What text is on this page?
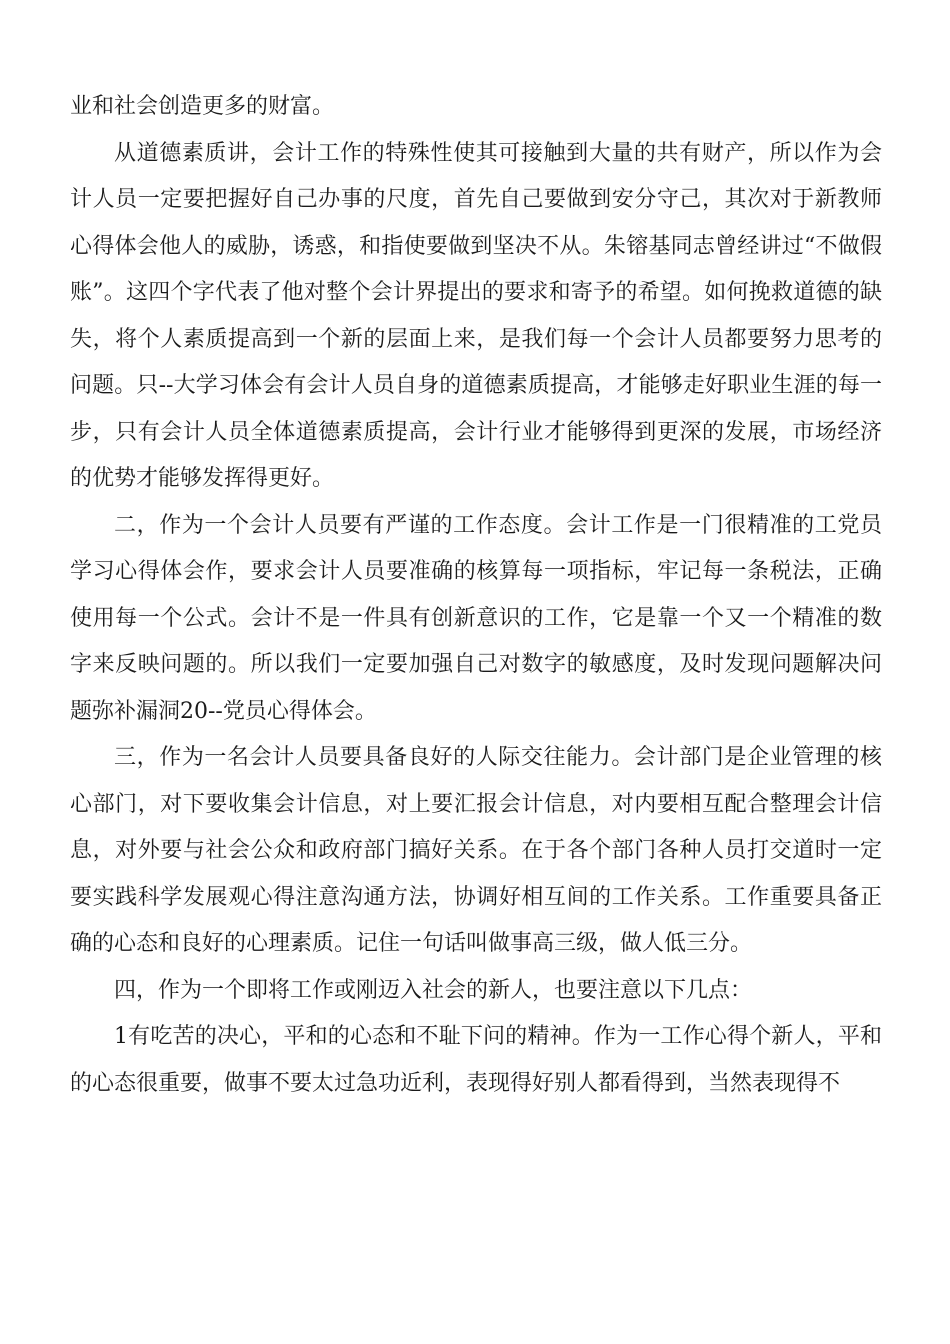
业和社会创造更多的财富。

从道德素质讲，会计工作的特殊性使其可接触到大量的共有财产，所以作为会计人员一定要把握好自己办事的尺度，首先自己要做到安分守己，其次对于新教师心得体会他人的威胁，诱惑，和指使要做到坚决不从。朱镕基同志曾经讲过“不做假账”。这四个字代表了他对整个会计界提出的要求和寄予的希望。如何挽救道德的缺失，将个人素质提高到一个新的层面上来，是我们每一个会计人员都要努力思考的问题。只--大学习体会有会计人员自身的道德素质提高，才能够走好职业生涯的每一步，只有会计人员全体道德素质提高，会计行业才能够得到更深的发展，市场经济的优势才能够发挥得更好。

二，作为一个会计人员要有严谨的工作态度。会计工作是一门很精准的工党员学习心得体会作，要求会计人员要准确的核算每一项指标，牢记每一条税法，正确使用每一个公式。会计不是一件具有创新意识的工作，它是靠一个又一个精准的数字来反映问题的。所以我们一定要加强自己对数字的敏感度，及时发现问题解决问题弥补漏洞20--党员心得体会。

三，作为一名会计人员要具备良好的人际交往能力。会计部门是企业管理的核心部门，对下要收集会计信息，对上要汇报会计信息，对内要相互配合整理会计信息，对外要与社会公众和政府部门搞好关系。在于各个部门各种人员打交道时一定要实践科学发展观心得注意沟通方法，协调好相互间的工作关系。工作重要具备正确的心态和良好的心理素质。记住一句话叫做事高三级，做人低三分。

四，作为一个即将工作或刚迈入社会的新人，也要注意以下几点：

1有吃苦的决心，平和的心态和不耻下问的精神。作为一工作心得个新人，平和的心态很重要，做事不要太过急功近利，表现得好别人都看得到，当然表现得不
